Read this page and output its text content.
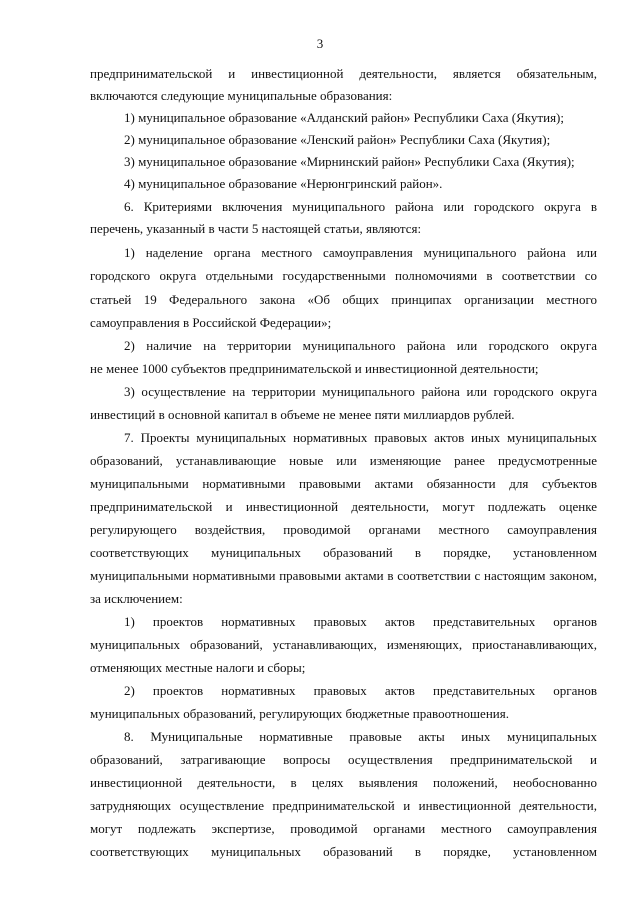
3
предпринимательской и инвестиционной деятельности, является обязательным,
включаются следующие муниципальные образования:
1) муниципальное образование «Алданский район» Республики Саха (Якутия);
2) муниципальное образование «Ленский район» Республики Саха (Якутия);
3) муниципальное образование «Мирнинский район» Республики Саха (Якутия);
4) муниципальное образование «Нерюнгринский район».
6. Критериями включения муниципального района или городского округа в
перечень, указанный в части 5 настоящей статьи, являются:
1) наделение органа местного самоуправления муниципального района или
городского округа отдельными государственными полномочиями в соответствии со
статьей 19 Федерального закона «Об общих принципах организации местного
самоуправления в Российской Федерации»;
2) наличие на территории муниципального района или городского округа
не менее 1000 субъектов предпринимательской и инвестиционной деятельности;
3) осуществление на территории муниципального района или городского округа
инвестиций в основной капитал в объеме не менее пяти миллиардов рублей.
7. Проекты муниципальных нормативных правовых актов иных муниципальных
образований, устанавливающие новые или изменяющие ранее предусмотренные
муниципальными нормативными правовыми актами обязанности для субъектов
предпринимательской и инвестиционной деятельности, могут подлежать оценке
регулирующего воздействия, проводимой органами местного самоуправления
соответствующих муниципальных образований в порядке, установленном
муниципальными нормативными правовыми актами в соответствии с настоящим законом,
за исключением:
1) проектов нормативных правовых актов представительных органов
муниципальных образований, устанавливающих, изменяющих, приостанавливающих,
отменяющих местные налоги и сборы;
2) проектов нормативных правовых актов представительных органов
муниципальных образований, регулирующих бюджетные правоотношения.
8. Муниципальные нормативные правовые акты иных муниципальных
образований, затрагивающие вопросы осуществления предпринимательской и
инвестиционной деятельности, в целях выявления положений, необоснованно
затрудняющих осуществление предпринимательской и инвестиционной деятельности,
могут подлежать экспертизе, проводимой органами местного самоуправления
соответствующих муниципальных образований в порядке, установленном
